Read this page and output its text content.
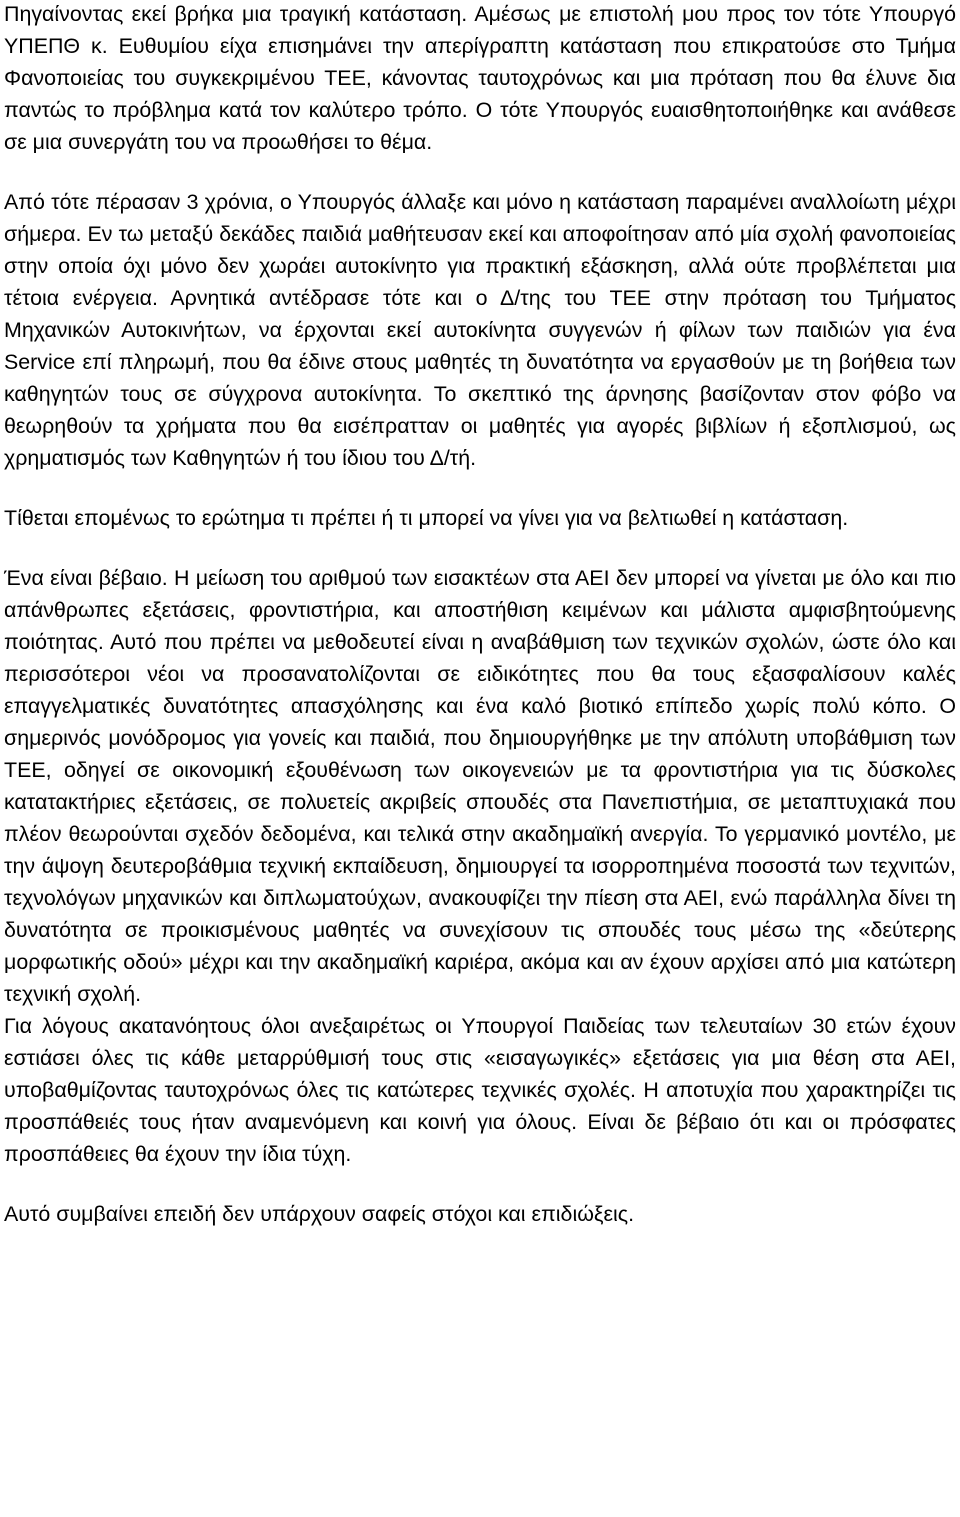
Πηγαίνοντας εκεί βρήκα μια τραγική κατάσταση. Αμέσως με επιστολή μου προς τον τότε Υπουργό ΥΠΕΠΘ κ. Ευθυμίου είχα επισημάνει την απερίγραπτη κατάσταση που επικρατούσε στο Τμήμα Φανοποιείας του συγκεκριμένου ΤΕΕ, κάνοντας ταυτοχρόνως και μια πρόταση που θα έλυνε δια παντώς το πρόβλημα κατά τον καλύτερο τρόπο. Ο τότε Υπουργός ευαισθητοποιήθηκε και ανάθεσε σε μια συνεργάτη του να προωθήσει το θέμα.

Από τότε πέρασαν 3 χρόνια, ο Υπουργός άλλαξε και μόνο η κατάσταση παραμένει αναλλοίωτη μέχρι σήμερα. Εν τω μεταξύ δεκάδες παιδιά μαθήτευσαν εκεί και αποφοίτησαν από μία σχολή φανοποιείας στην οποία όχι μόνο δεν χωράει αυτοκίνητο για πρακτική εξάσκηση, αλλά ούτε προβλέπεται μια τέτοια ενέργεια. Αρνητικά αντέδρασε τότε και ο Δ/της του ΤΕΕ στην πρόταση του Τμήματος Μηχανικών Αυτοκινήτων, να έρχονται εκεί αυτοκίνητα συγγενών ή φίλων των παιδιών για ένα Service επί πληρωμή, που θα έδινε στους μαθητές τη δυνατότητα να εργασθούν με τη βοήθεια των καθηγητών τους σε σύγχρονα αυτοκίνητα. Το σκεπτικό της άρνησης βασίζονταν στον φόβο να θεωρηθούν τα χρήματα που θα εισέπρατταν οι μαθητές για αγορές βιβλίων ή εξοπλισμού, ως χρηματισμός των Καθηγητών ή του ίδιου του Δ/τή.

Τίθεται επομένως το ερώτημα τι πρέπει ή τι μπορεί να γίνει για να βελτιωθεί η κατάσταση.

Ένα είναι βέβαιο. Η μείωση του αριθμού των εισακτέων στα ΑΕΙ δεν μπορεί να γίνεται με όλο και πιο απάνθρωπες εξετάσεις, φροντιστήρια, και αποστήθιση κειμένων και μάλιστα αμφισβητούμενης ποιότητας. Αυτό που πρέπει να μεθοδευτεί είναι η αναβάθμιση των τεχνικών σχολών, ώστε όλο και περισσότεροι νέοι να προσανατολίζονται σε ειδικότητες που θα τους εξασφαλίσουν καλές επαγγελματικές δυνατότητες απασχόλησης και ένα καλό βιοτικό επίπεδο χωρίς πολύ κόπο. Ο σημερινός μονόδρομος για γονείς και παιδιά, που δημιουργήθηκε με την απόλυτη υποβάθμιση των ΤΕΕ, οδηγεί σε οικονομική εξουθένωση των οικογενειών με τα φροντιστήρια για τις δύσκολες κατατακτήριες εξετάσεις, σε πολυετείς ακριβείς σπουδές στα Πανεπιστήμια, σε μεταπτυχιακά που πλέον θεωρούνται σχεδόν δεδομένα, και τελικά στην ακαδημαϊκή ανεργία. Το γερμανικό μοντέλο, με την άψογη δευτεροβάθμια τεχνική εκπαίδευση, δημιουργεί τα ισορροπημένα ποσοστά των τεχνιτών, τεχνολόγων μηχανικών και διπλωματούχων, ανακουφίζει την πίεση στα ΑΕΙ, ενώ παράλληλα δίνει τη δυνατότητα σε προικισμένους μαθητές να συνεχίσουν τις σπουδές τους μέσω της «δεύτερης μορφωτικής οδού» μέχρι και την ακαδημαϊκή καριέρα, ακόμα και αν έχουν αρχίσει από μια κατώτερη τεχνική σχολή.

Για λόγους ακατανόητους όλοι ανεξαιρέτως οι Υπουργοί Παιδείας των τελευταίων 30 ετών έχουν εστιάσει όλες τις κάθε μεταρρύθμισή τους στις «εισαγωγικές» εξετάσεις για μια θέση στα ΑΕΙ, υποβαθμίζοντας ταυτοχρόνως όλες τις κατώτερες τεχνικές σχολές. Η αποτυχία που χαρακτηρίζει τις προσπάθειές τους ήταν αναμενόμενη και κοινή για όλους. Είναι δε βέβαιο ότι και οι πρόσφατες προσπάθειες θα έχουν την ίδια τύχη.

Αυτό συμβαίνει επειδή δεν υπάρχουν σαφείς στόχοι και επιδιώξεις.
